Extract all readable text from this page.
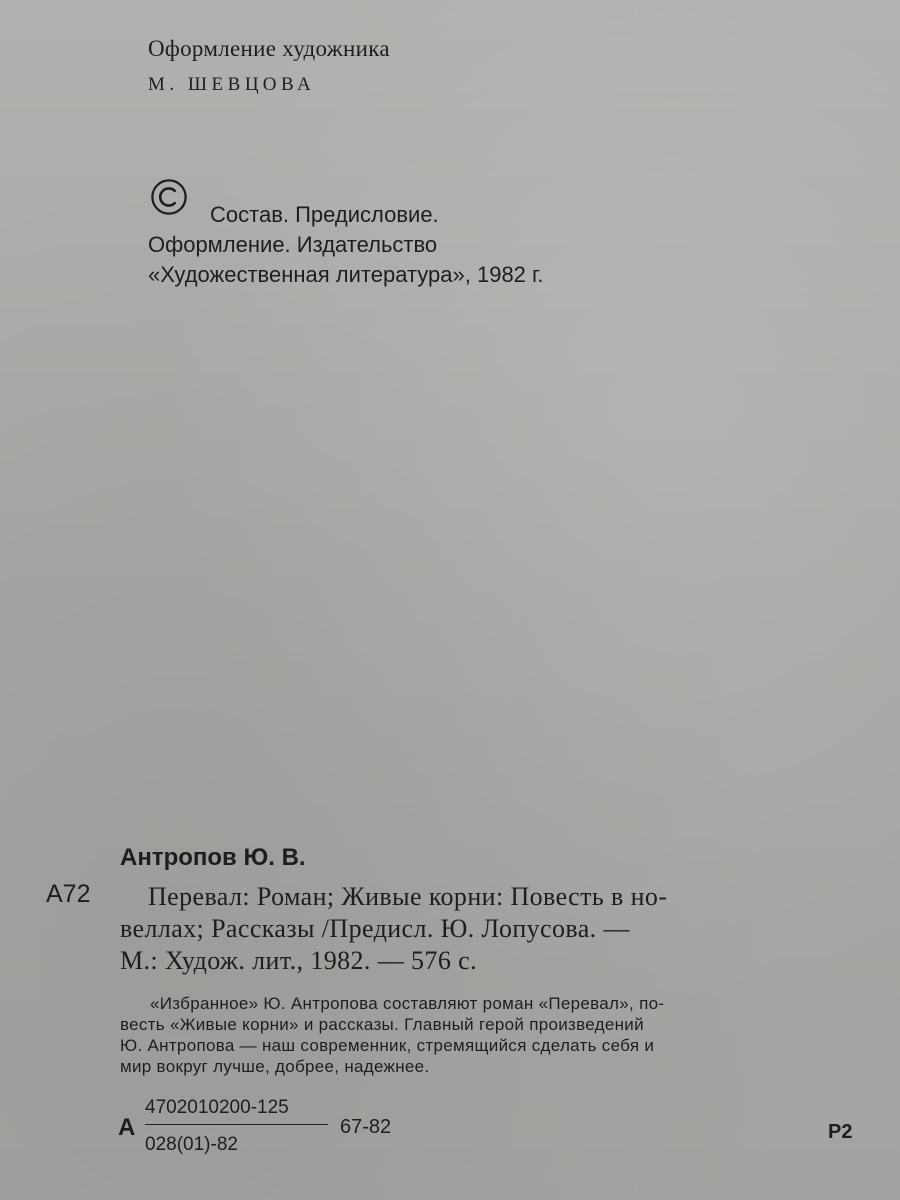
Оформление художника
М. ШЕВЦОВА
Состав. Предисловие.
Оформление. Издательство
«Художественная литература», 1982 г.
Антропов Ю. В.
А72 Перевал: Роман; Живые корни: Повесть в но-
веллах; Рассказы /Предисл. Ю. Лопусова. —
М.: Худож. лит., 1982. — 576 с.
«Избранное» Ю. Антропова составляют роман «Перевал», по-
весть «Живые корни» и рассказы. Главный герой произведений
Ю. Антропова — наш современник, стремящийся сделать себя и
мир вокруг лучше, добрее, надежнее.
А
4702010200-125
028(01)-82
67-82	Р2
